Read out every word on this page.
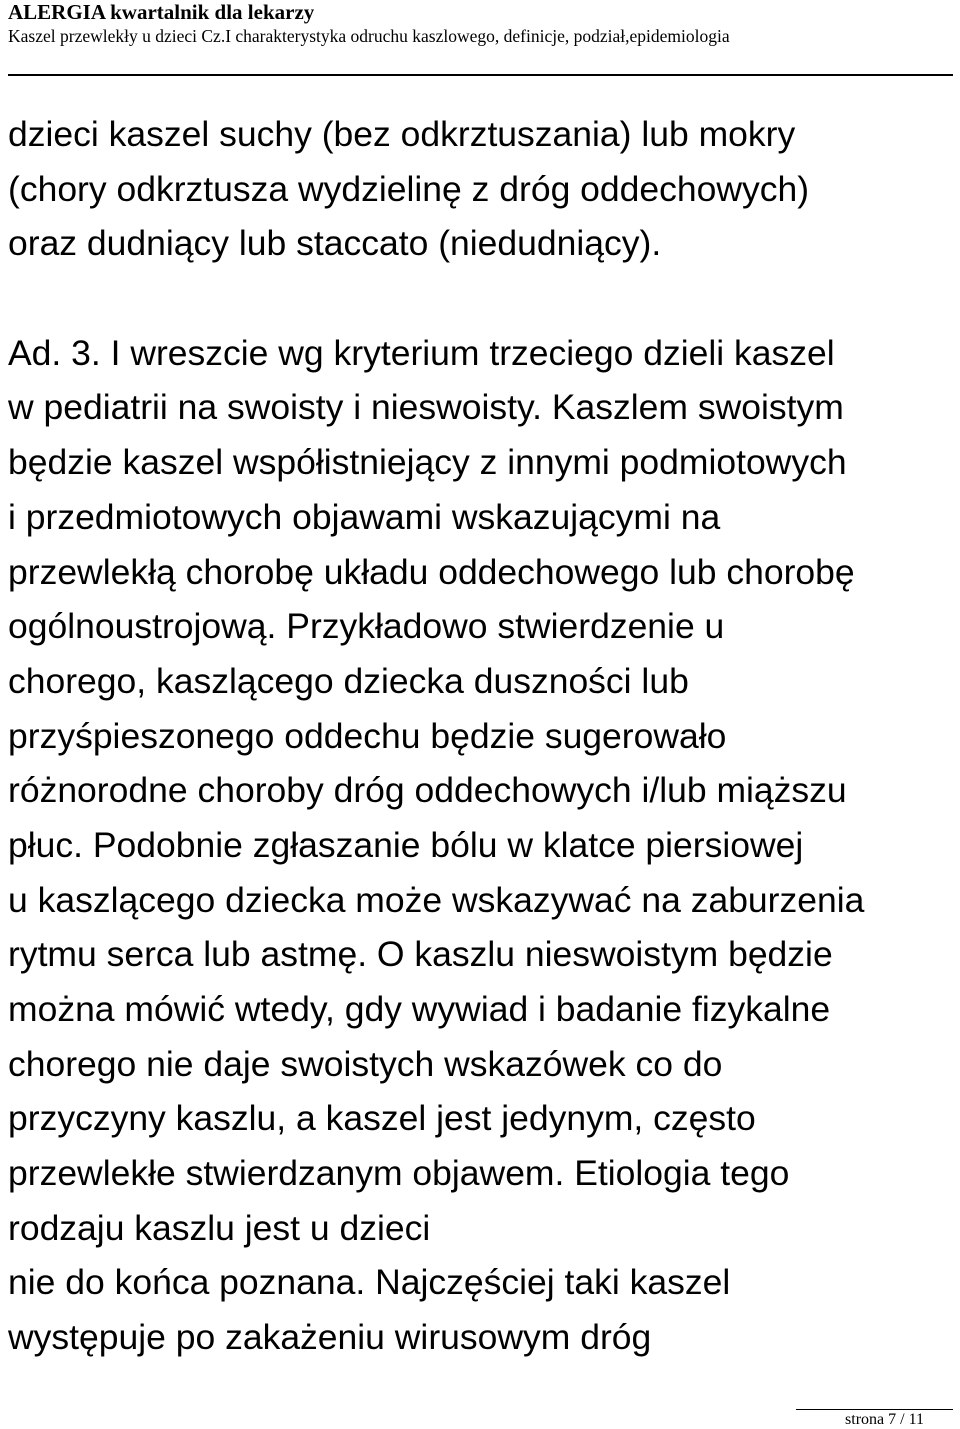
ALERGIA kwartalnik dla lekarzy
Kaszel przewlekły u dzieci Cz.I charakterystyka odruchu kaszlowego, definicje, podział,epidemiologia
dzieci kaszel suchy (bez odkrztuszania) lub mokry
(chory odkrztusza wydzielinę z dróg oddechowych)
oraz dudniący lub staccato (niedudniący).
Ad. 3. I wreszcie wg kryterium trzeciego dzieli kaszel
w pediatrii na swoisty i nieswoisty. Kaszlem swoistym
będzie kaszel współistniejący z innymi podmiotowych
i przedmiotowych objawami wskazującymi na
przewlekłą chorobę układu oddechowego lub chorobę
ogólnoustrojową. Przykładowo stwierdzenie u
chorego, kaszlącego dziecka duszności lub
przyśpieszonego oddechu będzie sugerowało
różnorodne choroby dróg oddechowych i/lub miąższu
płuc. Podobnie zgłaszanie bólu w klatce piersiowej
u kaszlącego dziecka może wskazywać na zaburzenia
rytmu serca lub astmę. O kaszlu nieswoistym będzie
można mówić wtedy, gdy wywiad i badanie fizykalne
chorego nie daje swoistych wskazówek co do
przyczyny kaszlu, a kaszel jest jedynym, często
przewlekłe stwierdzanym objawem. Etiologia tego
rodzaju kaszlu jest u dzieci
nie do końca poznana. Najczęściej taki kaszel
występuje po zakażeniu wirusowym dróg
strona 7 / 11
